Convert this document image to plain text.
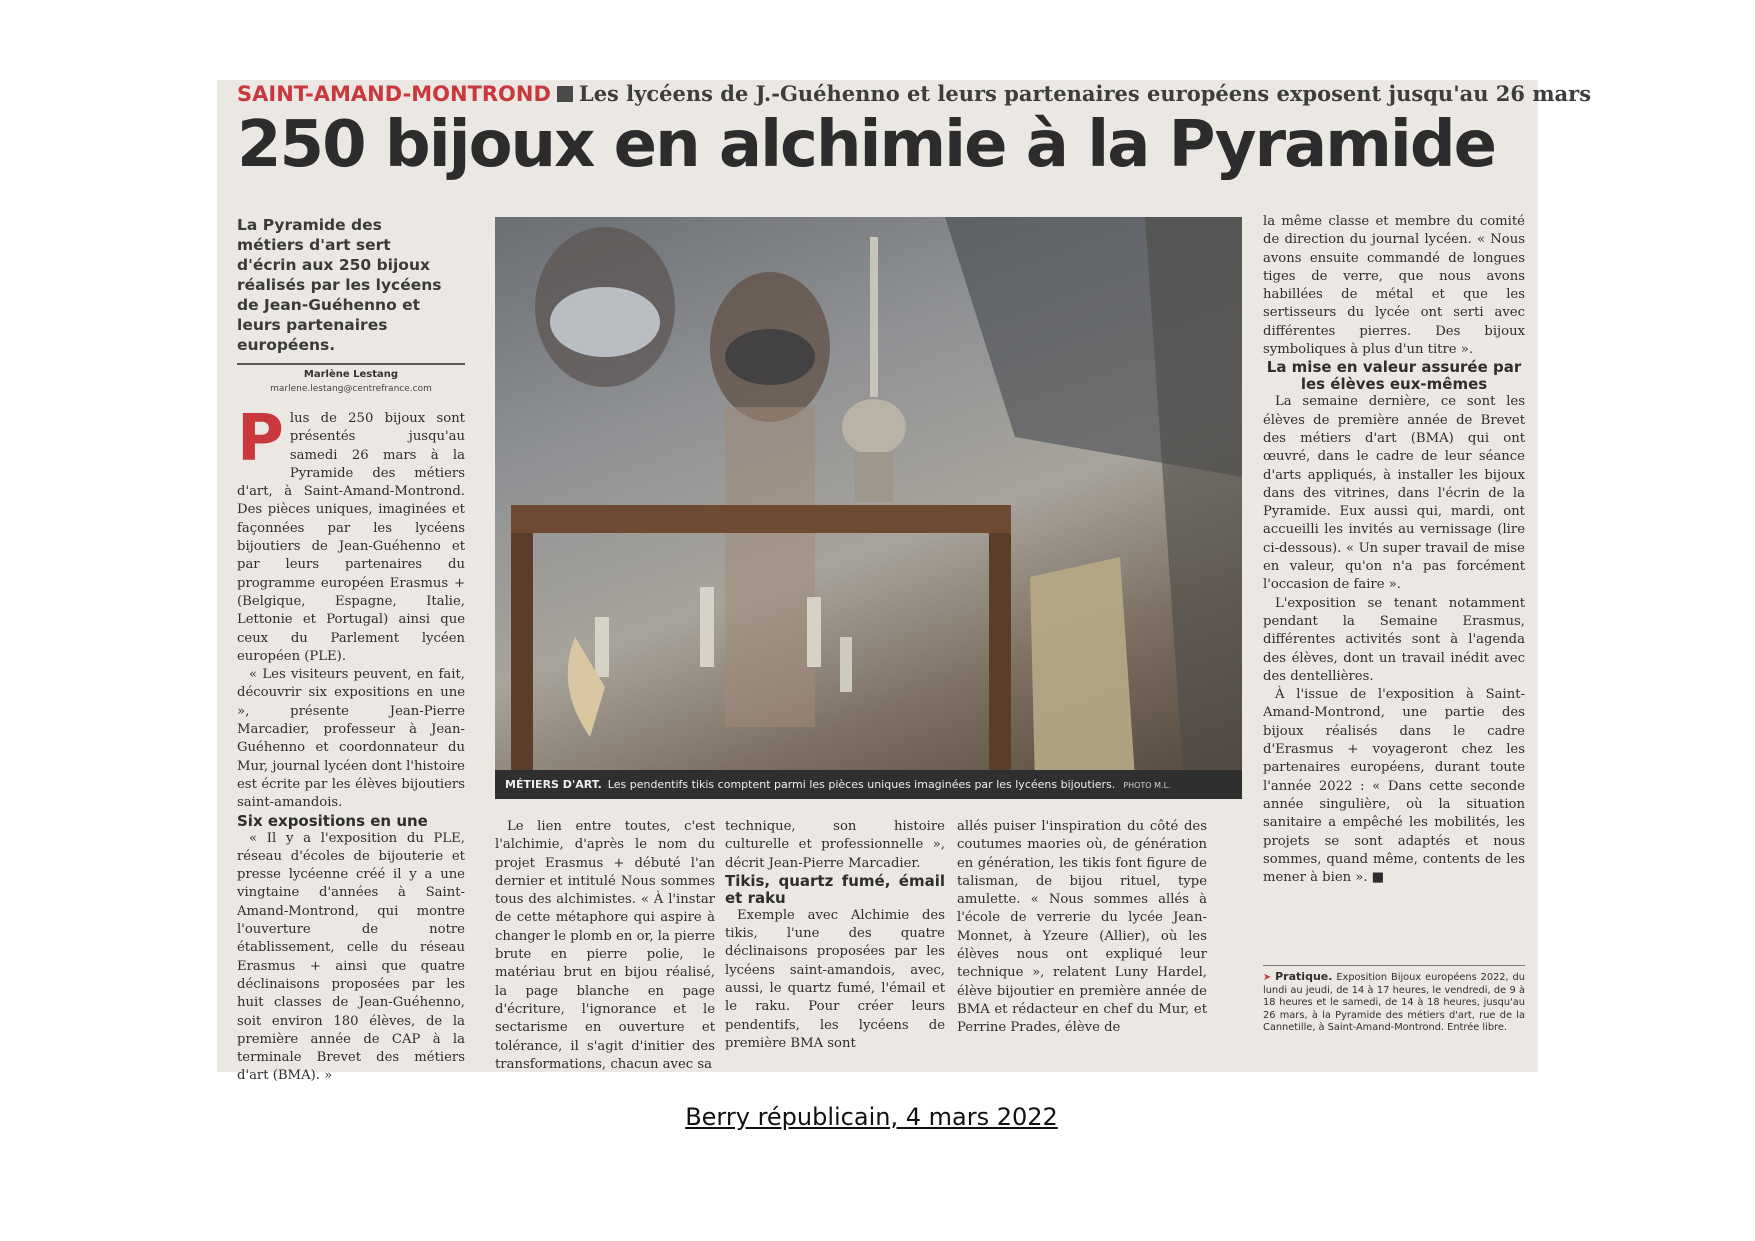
SAINT-AMAND-MONTROND Les lycéens de J.-Guéhenno et leurs partenaires européens exposent jusqu'au 26 mars
250 bijoux en alchimie à la Pyramide
La Pyramide des métiers d'art sert d'écrin aux 250 bijoux réalisés par les lycéens de Jean-Guéhenno et leurs partenaires européens.
Marlène Lestang
marlene.lestang@centrefrance.com

Plus de 250 bijoux sont présentés jusqu'au samedi 26 mars à la Pyramide des métiers d'art, à Saint-Amand-Montrond. Des pièces uniques, imaginées et façonnées par les lycéens bijoutiers de Jean-Guéhenno et par leurs partenaires du programme européen Erasmus + (Belgique, Espagne, Italie, Lettonie et Portugal) ainsi que ceux du Parlement lycéen européen (PLE).

« Les visiteurs peuvent, en fait, découvrir six expositions en une », présente Jean-Pierre Marcadier, professeur à Jean-Guéhenno et coordonnateur du Mur, journal lycéen dont l'histoire est écrite par les élèves bijoutiers saint-amandois.

Six expositions en une

« Il y a l'exposition du PLE, réseau d'écoles de bijouterie et presse lycéenne créé il y a une vingtaine d'années à Saint-Amand-Montrond, qui montre l'ouverture de notre établissement, celle du réseau Erasmus + ainsi que quatre déclinaisons proposées par les huit classes de Jean-Guéhenno, soit environ 180 élèves, de la première année de CAP à la terminale Brevet des métiers d'art (BMA). »

MÉTIERS D'ART. Les pendentifs tikis comptent parmi les pièces uniques imaginées par les lycéens bijoutiers. PHOTO M.L.

Le lien entre toutes, c'est l'alchimie, d'après le nom du projet Erasmus + débuté l'an dernier et intitulé Nous sommes tous des alchimistes. « À l'instar de cette métaphore qui aspire à changer le plomb en or, la pierre brute en pierre polie, le matériau brut en bijou réalisé, la page blanche en page d'écriture, l'ignorance et le sectarisme en ouverture et tolérance, il s'agit d'initier des transformations, chacun avec sa

technique, son histoire culturelle et professionnelle », décrit Jean-Pierre Marcadier.

Tikis, quartz fumé, émail et raku

Exemple avec Alchimie des tikis, l'une des quatre déclinaisons proposées par les lycéens saint-amandois, avec, aussi, le quartz fumé, l'émail et le raku. Pour créer leurs pendentifs, les lycéens de première BMA sont

allés puiser l'inspiration du côté des coutumes maories où, de génération en génération, les tikis font figure de talisman, de bijou rituel, type amulette. « Nous sommes allés à l'école de verrerie du lycée Jean-Monnet, à Yzeure (Allier), où les élèves nous ont expliqué leur technique », relatent Luny Hardel, élève bijoutier en première année de BMA et rédacteur en chef du Mur, et Perrine Prades, élève de

la même classe et membre du comité de direction du journal lycéen. « Nous avons ensuite commandé de longues tiges de verre, que nous avons habillées de métal et que les sertisseurs du lycée ont serti avec différentes pierres. Des bijoux symboliques à plus d'un titre ».

La mise en valeur assurée par les élèves eux-mêmes

La semaine dernière, ce sont les élèves de première année de Brevet des métiers d'art (BMA) qui ont œuvré, dans le cadre de leur séance d'arts appliqués, à installer les bijoux dans des vitrines, dans l'écrin de la Pyramide. Eux aussi qui, mardi, ont accueilli les invités au vernissage (lire ci-dessous). « Un super travail de mise en valeur, qu'on n'a pas forcément l'occasion de faire ».

L'exposition se tenant notamment pendant la Semaine Erasmus, différentes activités sont à l'agenda des élèves, dont un travail inédit avec des dentellières.

À l'issue de l'exposition à Saint-Amand-Montrond, une partie des bijoux réalisés dans le cadre d'Erasmus + voyageront chez les partenaires européens, durant toute l'année 2022 : « Dans cette seconde année singulière, où la situation sanitaire a empêché les mobilités, les projets se sont adaptés et nous sommes, quand même, contents de les mener à bien ». ■

➤ Pratique. Exposition Bijoux européens 2022, du lundi au jeudi, de 14 à 17 heures, le vendredi, de 9 à 18 heures et le samedi, de 14 à 18 heures, jusqu'au 26 mars, à la Pyramide des métiers d'art, rue de la Cannetille, à Saint-Amand-Montrond. Entrée libre.
Berry républicain, 4 mars 2022
